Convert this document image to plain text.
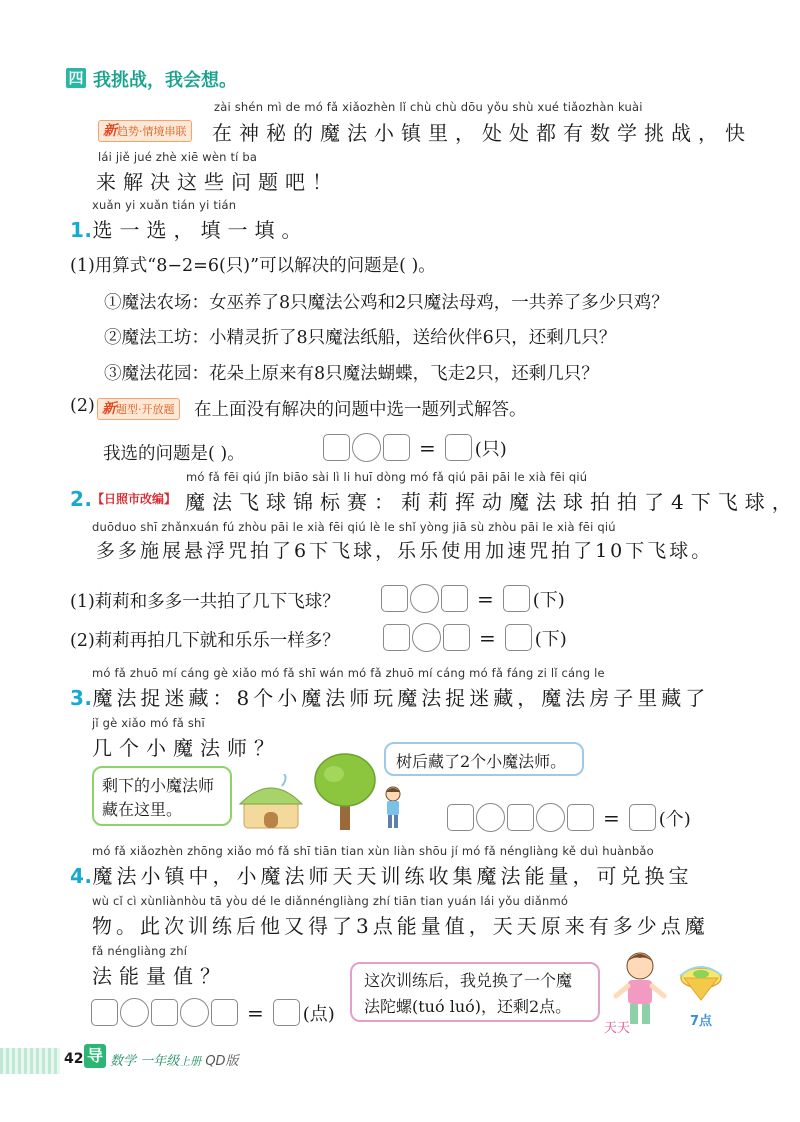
四 我挑战，我会想。
zài shén mì de mó fǎ xiǎozhèn lǐ chù chù dōu yǒu shù xué tiǎozhàn kuài
新趋势·情境串联 在神秘的魔法小镇里，处处都有数学挑战，快
lái jiě jué zhè xiē wèn tí ba
来解决这些问题吧！
xuǎn yi xuǎn tián yi tián
1.选一选，填一填。
(1)用算式“8−2=6(只)”可以解决的问题是( )。
①魔法农场：女巫养了8只魔法公鸡和2只魔法母鸡，一共养了多少只鸡？
②魔法工坊：小精灵折了8只魔法纸船，送给伙伴6只，还剩几只？
③魔法花园：花朵上原来有8只魔法蝴蝶，飞走2只，还剩几只？
(2) 新题型·开放题 在上面没有解决的问题中选一题列式解答。
我选的问题是( )。	= (只)
mó fǎ fēi qiú jǐn biāo sài lì li huī dòng mó fǎ qiú pāi pāi le xià fēi qiú
2. 【日照市改编】 魔法飞球锦标赛：莉莉挥动魔法球拍拍了4下飞球，
duōduo shī zhǎnxuán fú zhòu pāi le xià fēi qiú lè le shǐ yòng jiā sù zhòu pāi le xià fēi qiú
多多施展悬浮咒拍了6下飞球，乐乐使用加速咒拍了10下飞球。
(1)莉莉和多多一共拍了几下飞球？	= (下)
(2)莉莉再拍几下就和乐乐一样多？	= (下)
mó fǎ zhuō mí cáng gè xiǎo mó fǎ shī wán mó fǎ zhuō mí cáng mó fǎ fáng zi lǐ cáng le
3.魔法捉迷藏：8个小魔法师玩魔法捉迷藏，魔法房子里藏了
jǐ gè xiǎo mó fǎ shī
几个小魔法师？
剩下的小魔法师藏在这里。
树后藏了2个小魔法师。
= (个)
mó fǎ xiǎozhèn zhōng xiǎo mó fǎ shī tiān tian xùn liàn shōu jí mó fǎ néngliàng kě duì huànbǎo
4.魔法小镇中，小魔法师天天训练收集魔法能量，可兑换宝
wù cǐ cì xùnliànhòu tā yòu dé le diǎnnéngliàng zhí tiān tian yuán lái yǒu diǎnmó
物。此次训练后他又得了3点能量值，天天原来有多少点魔
fǎ néngliàng zhí
法能量值？
= (点)
这次训练后，我兑换了一个魔法陀螺(tuó luó)，还剩2点。
天天	7点
42 导 数学 一年级上册 QD版
